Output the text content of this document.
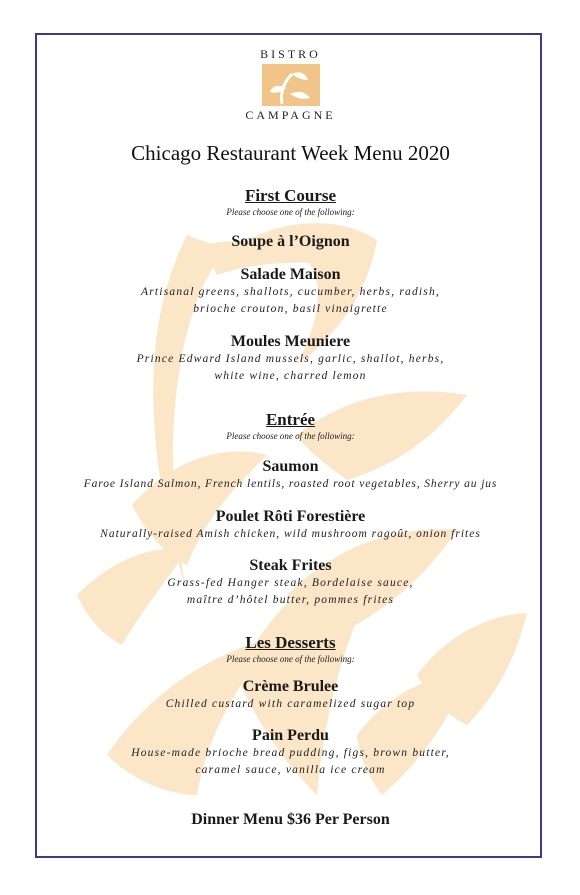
BISTRO
CAMPAGNE
Chicago Restaurant Week Menu 2020
First Course
Please choose one of the following:
Soupe à l’Oignon
Salade Maison
Artisanal greens, shallots, cucumber, herbs, radish,
brioche crouton, basil vinaigrette
Moules Meuniere
Prince Edward Island mussels, garlic, shallot, herbs,
white wine, charred lemon
Entrée
Please choose one of the following:
Saumon
Faroe Island Salmon, French lentils, roasted root vegetables, Sherry au jus
Poulet Rôti Forestière
Naturally-raised Amish chicken, wild mushroom ragoût, onion frites
Steak Frites
Grass-fed Hanger steak, Bordelaise sauce,
maître d’hôtel butter, pommes frites
Les Desserts
Please choose one of the following:
Crème Brulee
Chilled custard with caramelized sugar top
Pain Perdu
House-made brioche bread pudding, figs, brown butter,
caramel sauce, vanilla ice cream
Dinner Menu $36 Per Person
